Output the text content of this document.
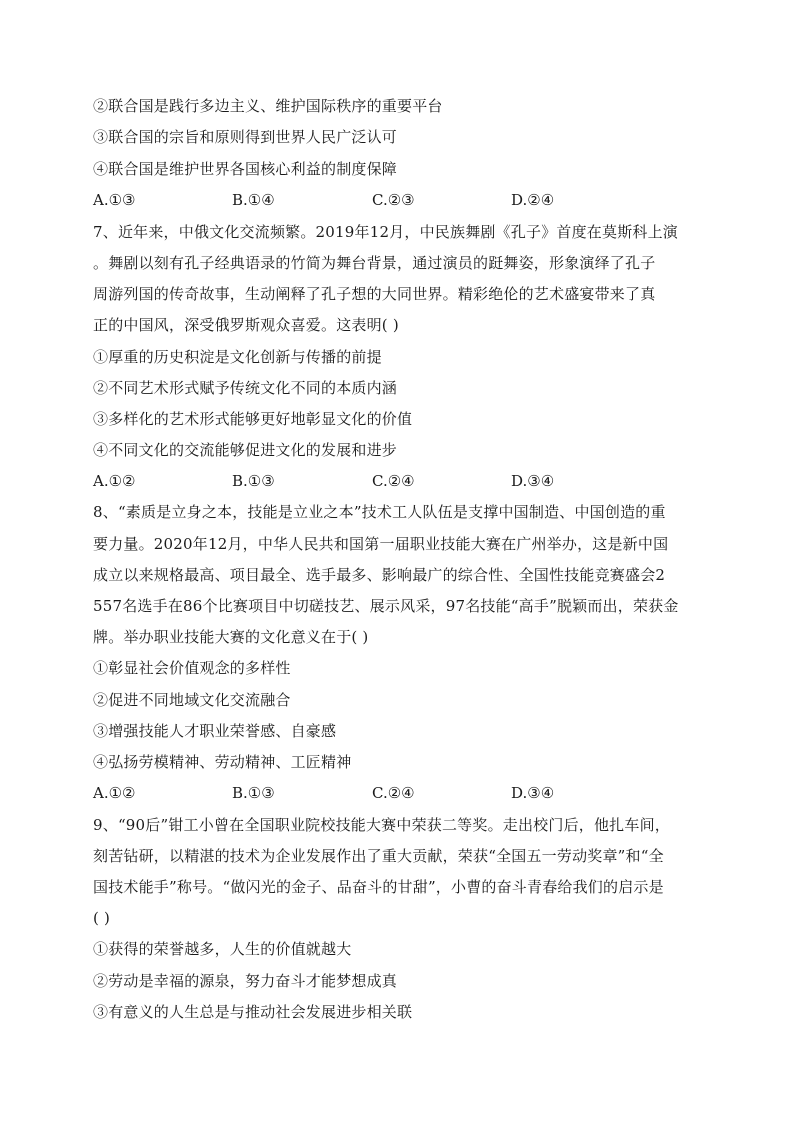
②联合国是践行多边主义、维护国际秩序的重要平台
③联合国的宗旨和原则得到世界人民广泛认可
④联合国是维护世界各国核心利益的制度保障
A.①③	B.①④	C.②③	D.②④
7、近年来，中俄文化交流频繁。2019年12月，中民族舞剧《孔子》首度在莫斯科上演
。舞剧以刻有孔子经典语录的竹简为舞台背景，通过演员的跹舞姿，形象演绎了孔子
周游列国的传奇故事，生动阐释了孔子想的大同世界。精彩绝伦的艺术盛宴带来了真
正的中国风，深受俄罗斯观众喜爱。这表明( )
①厚重的历史积淀是文化创新与传播的前提
②不同艺术形式赋予传统文化不同的本质内涵
③多样化的艺术形式能够更好地彰显文化的价值
④不同文化的交流能够促进文化的发展和进步
A.①②	B.①③	C.②④	D.③④
8、“素质是立身之本，技能是立业之本”技术工人队伍是支撑中国制造、中国创造的重
要力量。2020年12月，中华人民共和国第一届职业技能大赛在广州举办，这是新中国
成立以来规格最高、项目最全、选手最多、影响最广的综合性、全国性技能竞赛盛会2
557名选手在86个比赛项目中切磋技艺、展示风采，97名技能“高手”脱颖而出，荣获金
牌。举办职业技能大赛的文化意义在于( )
①彰显社会价值观念的多样性
②促进不同地域文化交流融合
③增强技能人才职业荣誉感、自豪感
④弘扬劳模精神、劳动精神、工匠精神
A.①②	B.①③	C.②④	D.③④
9、“90后”钳工小曾在全国职业院校技能大赛中荣获二等奖。走出校门后，他扎车间，
刻苦钻研，以精湛的技术为企业发展作出了重大贡献，荣获“全国五一劳动奖章”和“全
国技术能手”称号。“做闪光的金子、品奋斗的甘甜”，小曹的奋斗青春给我们的启示是
( )
①获得的荣誉越多，人生的价值就越大
②劳动是幸福的源泉，努力奋斗才能梦想成真
③有意义的人生总是与推动社会发展进步相关联
